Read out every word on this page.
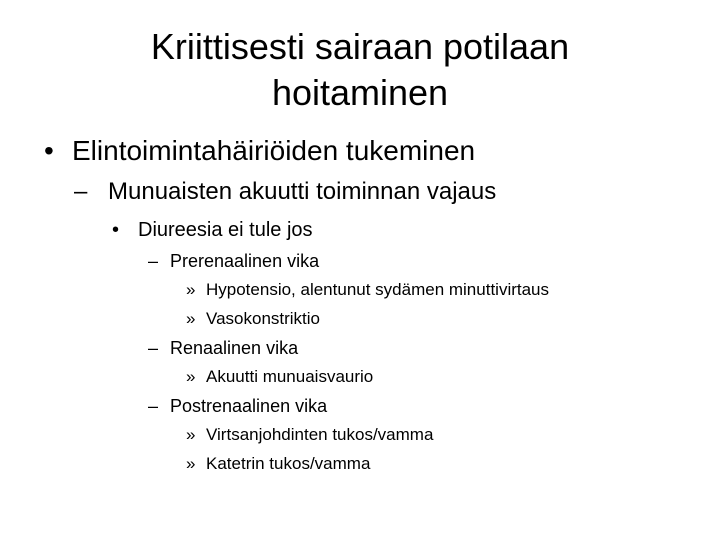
Kriittisesti sairaan potilaan
hoitaminen
• Elintoimintahäiriöiden tukeminen
– Munuaisten akuutti toiminnan vajaus
• Diureesia ei tule jos
– Prerenaalinen vika
» Hypotensio, alentunut sydämen minuttivirtaus
» Vasokonstriktio
– Renaalinen vika
» Akuutti munuaisvaurio
– Postrenaalinen vika
» Virtsanjohdinten tukos/vamma
» Katetrin tukos/vamma
